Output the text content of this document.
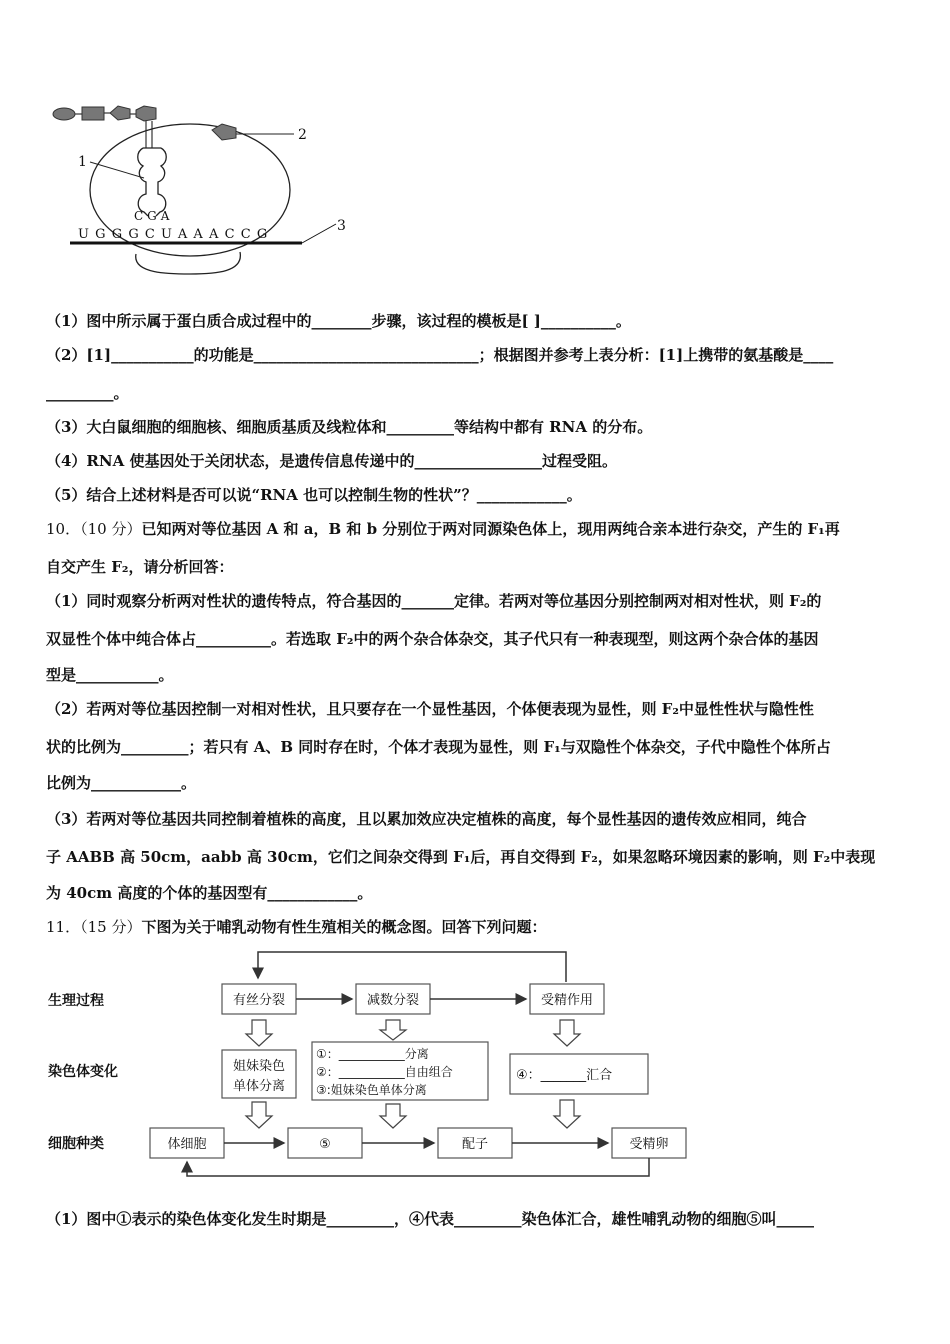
1
2
CGA
3
UGGGCUAAACCG
（1）图中所示属于蛋白质合成过程中的________步骤，该过程的模板是[ ]__________。
（2）[1]___________的功能是______________________________；根据图并参考上表分析：[1]上携带的氨基酸是____
_________。
（3）大白鼠细胞的细胞核、细胞质基质及线粒体和_________等结构中都有 RNA 的分布。
（4）RNA 使基因处于关闭状态，是遗传信息传递中的_________________过程受阻。
（5）结合上述材料是否可以说“RNA 也可以控制生物的性状”？____________。
10．（10 分）已知两对等位基因 A 和 a，B 和 b 分别位于两对同源染色体上，现用两纯合亲本进行杂交，产生的 F₁再
自交产生 F₂，请分析回答：
（1）同时观察分析两对性状的遗传特点，符合基因的_______定律。若两对等位基因分别控制两对相对性状，则 F₂的
双显性个体中纯合体占__________。若选取 F₂中的两个杂合体杂交，其子代只有一种表现型，则这两个杂合体的基因
型是___________。
（2）若两对等位基因控制一对相对性状，且只要存在一个显性基因，个体便表现为显性，则 F₂中显性性状与隐性性
状的比例为_________；若只有 A、B 同时存在时，个体才表现为显性，则 F₁与双隐性个体杂交，子代中隐性个体所占
比例为____________。
（3）若两对等位基因共同控制着植株的高度，且以累加效应决定植株的高度，每个显性基因的遗传效应相同，纯合
子 AABB 高 50cm，aabb 高 30cm，它们之间杂交得到 F₁后，再自交得到 F₂，如果忽略环境因素的影响，则 F₂中表现
为 40cm 高度的个体的基因型有____________。
11．（15 分）下图为关于哺乳动物有性生殖相关的概念图。回答下列问题：
生理过程
染色体变化
细胞种类
有丝分裂	减数分裂	受精作用
姐妹染色
单体分离
①：___________分离
②：___________自由组合
③:姐妹染色单体分离
④：_______汇合
体细胞	⑤	配子	受精卵
（1）图中①表示的染色体变化发生时期是_________，④代表_________染色体汇合，雄性哺乳动物的细胞⑤叫_____
